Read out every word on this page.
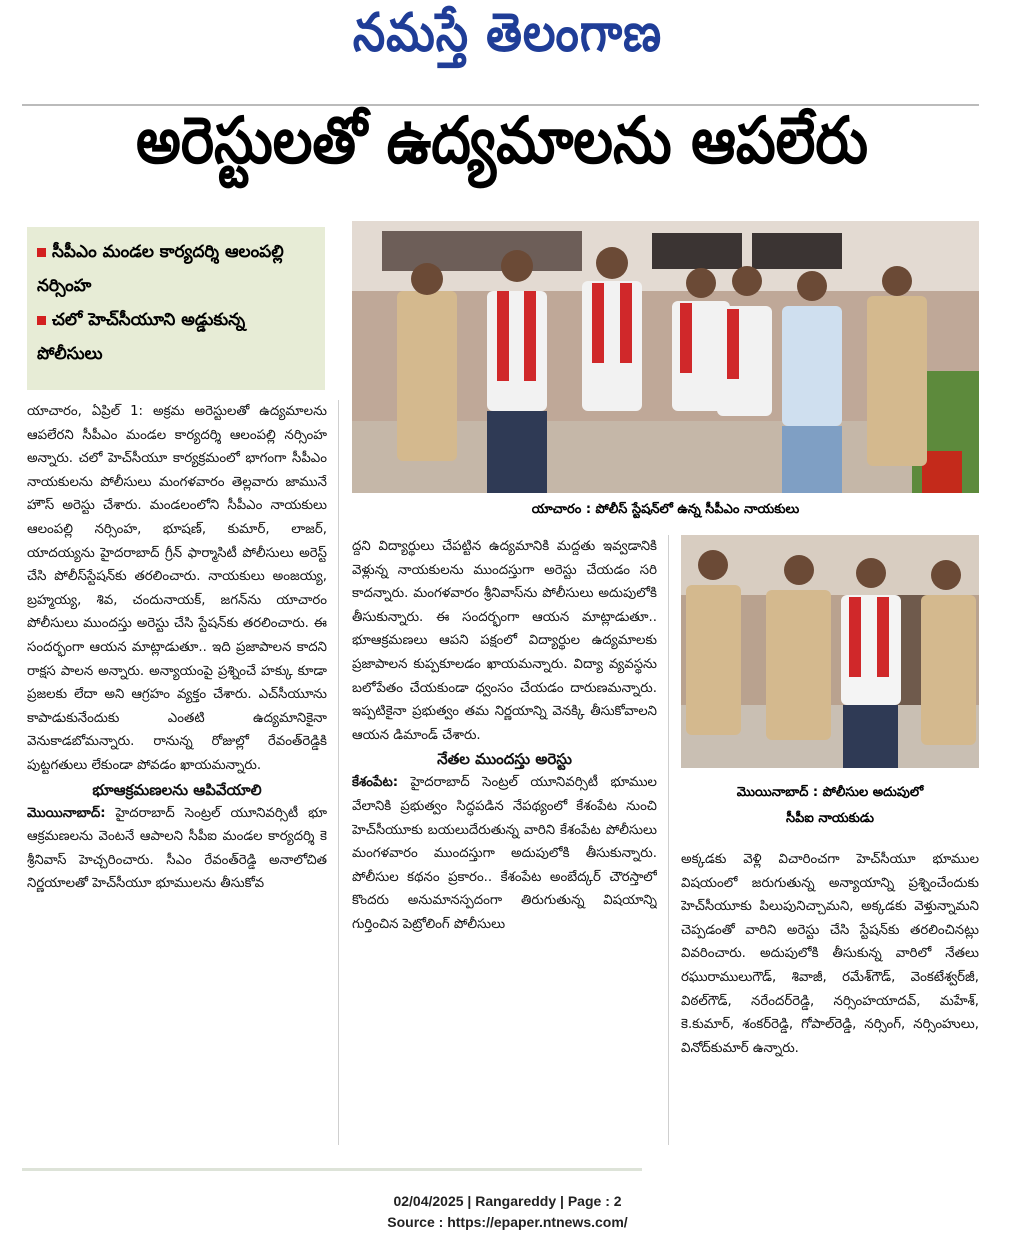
నమస్తే తెలంగాణ
అరెస్టులతో ఉద్యమాలను ఆపలేరు
సీపీఎం మండల కార్యదర్శి ఆలంపల్లి నర్సింహ
చలో హెచ్‌సీయూని అడ్డుకున్న పోలీసులు
యాచారం : పోలీస్ స్టేషన్‌లో ఉన్న సీపీఎం నాయకులు
మొయినాబాద్ : పోలీసుల అదుపులో
సీపీఐ నాయకుడు

యాచారం, ఏప్రిల్ 1: అక్రమ అరెస్టులతో ఉద్యమాలను ఆపలేరని సీపీఎం మండల కార్యదర్శి ఆలంపల్లి నర్సింహ అన్నారు. చలో హెచ్‌సీయూ కార్యక్రమంలో భాగంగా సీపీఎం నాయకులను పోలీసులు మంగళవారం తెల్లవారు జామునే హౌస్ అరెస్టు చేశారు. మండలంలోని సీపీఎం నాయకులు ఆలంపల్లి నర్సింహ, భూషణ్, కుమార్, లాజర్, యాదయ్యను హైదరాబాద్ గ్రీన్ ఫార్మాసిటీ పోలీసులు అరెస్ట్ చేసి పోలీస్‌స్టేషన్‌కు తరలించారు. నాయకులు అంజయ్య, బ్రహ్మయ్య, శివ, చందునాయక్, జగన్‌ను యాచారం పోలీసులు ముందస్తు అరెస్టు చేసి స్టేషన్‌కు తరలించారు. ఈ సందర్భంగా ఆయన మాట్లాడుతూ.. ఇది ప్రజాపాలన కాదని రాక్షస పాలన అన్నారు. అన్యాయంపై ప్రశ్నించే హక్కు కూడా ప్రజలకు లేదా అని ఆగ్రహం వ్యక్తం చేశారు. ఎచ్‌సీయూను కాపాడుకునేందుకు ఎంతటి ఉద్యమానికైనా వెనుకాడబోమన్నారు. రానున్న రోజుల్లో రేవంత్‌రెడ్డికి పుట్టగతులు లేకుండా పోవడం ఖాయమన్నారు.

భూఆక్రమణలను ఆపివేయాలి

మొయినాబాద్: హైదరాబాద్ సెంట్రల్ యూనివర్సిటీ భూ ఆక్రమణలను వెంటనే ఆపాలని సీపీఐ మండల కార్యదర్శి కె శ్రీనివాస్ హెచ్చరించారు. సీఎం రేవంత్‌రెడ్డి అనాలోచిత నిర్ణయాలతో హెచ్‌సీయూ భూములను తీసుకోవ

ద్దని విద్యార్థులు చేపట్టిన ఉద్యమానికి మద్దతు ఇవ్వడానికి వెళ్లున్న నాయకులను ముందస్తుగా అరెస్టు చేయడం సరి కాదన్నారు. మంగళవారం శ్రీనివాస్‌ను పోలీసులు అదుపులోకి తీసుకున్నారు. ఈ సందర్భంగా ఆయన మాట్లాడుతూ.. భూఆక్రమణలు ఆపని పక్షంలో విద్యార్థుల ఉద్యమాలకు ప్రజాపాలన కుప్పకూలడం ఖాయమన్నారు. విద్యా వ్యవస్థను బలోపేతం చేయకుండా ధ్వంసం చేయడం దారుణమన్నారు. ఇప్పటికైనా ప్రభుత్వం తమ నిర్ణయాన్ని వెనక్కి తీసుకోవాలని ఆయన డిమాండ్ చేశారు.

నేతల ముందస్తు అరెస్టు

కేశంపేట: హైదరాబాద్ సెంట్రల్ యూనివర్సిటీ భూముల వేలానికి ప్రభుత్వం సిద్ధపడిన నేపథ్యంలో కేశంపేట నుంచి హెచ్‌సీయూకు బయలుదేరుతున్న వారిని కేశంపేట పోలీసులు మంగళవారం ముందస్తుగా అదుపులోకి తీసుకున్నారు. పోలీసుల కథనం ప్రకారం.. కేశంపేట అంబేద్కర్ చౌరస్తాలో కొందరు అనుమానస్పదంగా తిరుగుతున్న విషయాన్ని గుర్తించిన పెట్రోలింగ్ పోలీసులు

అక్కడకు వెళ్లి విచారించగా హెచ్‌సీయూ భూముల విషయంలో జరుగుతున్న అన్యాయాన్ని ప్రశ్నించేందుకు హెచ్‌సీయూకు పిలుపునిచ్చామని, అక్కడకు వెళ్తున్నామని చెప్పడంతో వారిని అరెస్టు చేసి స్టేషన్‌కు తరలించినట్లు వివరించారు. అదుపులోకి తీసుకున్న వారిలో నేతలు రఘురాములుగౌడ్, శివాజీ, రమేశ్‌గౌడ్, వెంకటేశ్వర్‌జీ, విఠల్‌గౌడ్, నరేందర్‌రెడ్డి, నర్సింహయాదవ్, మహేశ్, కె.కుమార్, శంకర్‌రెడ్డి, గోపాల్‌రెడ్డి, నర్సింగ్, నర్సింహులు, వినోద్‌కుమార్ ఉన్నారు.

02/04/2025 | Rangareddy | Page : 2
Source : https://epaper.ntnews.com/
